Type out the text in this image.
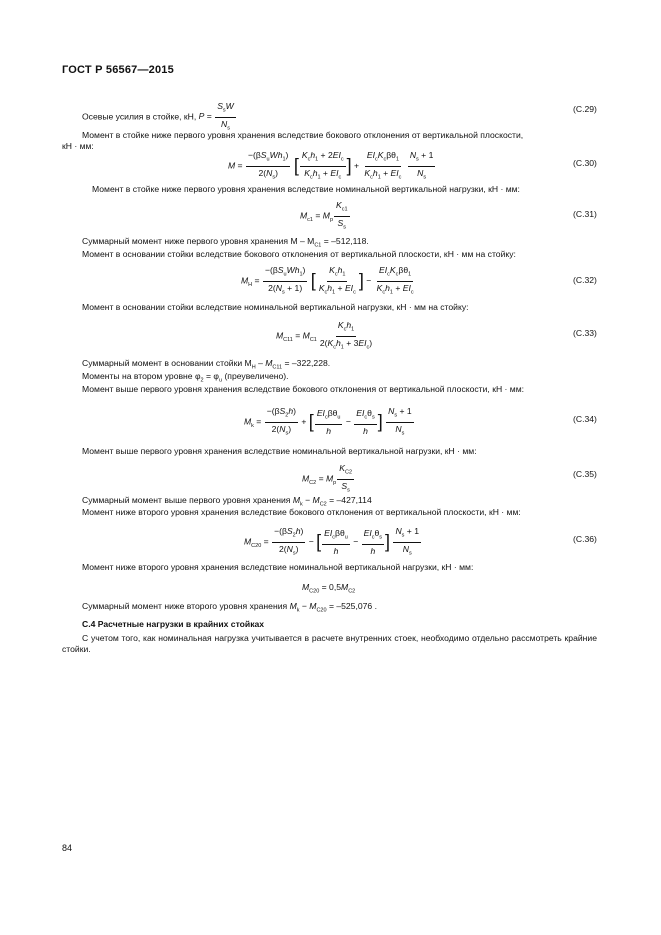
ГОСТ Р 56567—2015
Осевые усилия в стойке, кН, $P = \frac{S_sW}{N_s}$	(С.29)
Момент в стойке ниже первого уровня хранения вследствие бокового отклонения от вертикальной плоскости,
кН · мм:
$M = \frac{-(\beta S_uWh_1)}{2(N_s)}$ [ $\frac{K_ch_1 + 2EI_c}{K_ch_1 + EI_c}$ ] + $\frac{EI_cK_c\beta\theta_1}{K_ch_1 + EI_c}$
$\frac{N_s + 1}{N_s}$	(С.30)
Момент в стойке ниже первого уровня хранения вследствие номинальной вертикальной нагрузки, кН · мм:
$M_{c1} = M_p \frac{K_{c1}}{S_s}$	(С.31)
Суммарный момент ниже первого уровня хранения $M - M_{C1} = -512,118$.
Момент в основании стойки вследствие бокового отклонения от вертикальной плоскости, кН · мм на стойку:
$M_H = \frac{-(\beta S_uWh_1)}{2(N_s + 1)}$ [ $\frac{K_ch_1}{K_ch_1 + EI_c}$ ] − $\frac{EI_cK_c\beta\theta_1}{K_ch_1 + EI_c}$	(С.32)
Момент в основании стойки вследствие номинальной вертикальной нагрузки, кН · мм на стойку:
$M_{C11} = M_{C1} \frac{K_ch_1}{2(K_ch_1 + 3EI_c)}$	(С.33)
Суммарный момент в основании стойки $M_H - M_{C11} = -322,228$.
Моменты на втором уровне $\varphi_2 = \varphi_u$ (преувеличено).
Момент выше первого уровня хранения вследствие бокового отклонения от вертикальной плоскости, кН · мм:
$M_k = \frac{-(\beta S_2h)}{2(N_s)}$ + [ $\frac{EI_c\beta\theta_u}{h} - \frac{EI_c\theta_s}{h}$ ] $\frac{N_s + 1}{N_s}$	(С.34)
Момент выше первого уровня хранения вследствие номинальной вертикальной нагрузки, кН · мм:
$M_{C2} = M_p \frac{K_{C2}}{S_s}$	(С.35)
Суммарный момент выше первого уровня хранения $M_k - M_{C2} = -427,114$
Момент ниже второго уровня хранения вследствие бокового отклонения от вертикальной плоскости, кН · мм:
$M_{C20} = \frac{-(\beta S_2h)}{2(N_s)}$ − [ $\frac{EI_c\beta\theta_u}{h} - \frac{EI_c\theta_s}{h}$ ] $\frac{N_s + 1}{N_s}$	(С.36)
Момент ниже второго уровня хранения вследствие номинальной вертикальной нагрузки, кН · мм:
$M_{C20} = 0,5M_{C2}$
Суммарный момент ниже второго уровня хранения $M_k - M_{C20} = -525,076$ .
С.4 Расчетные нагрузки в крайних стойках
С учетом того, как номинальная нагрузка учитывается в расчете внутренних стоек, необходимо отдельно рассмотреть крайние стойки.
84
